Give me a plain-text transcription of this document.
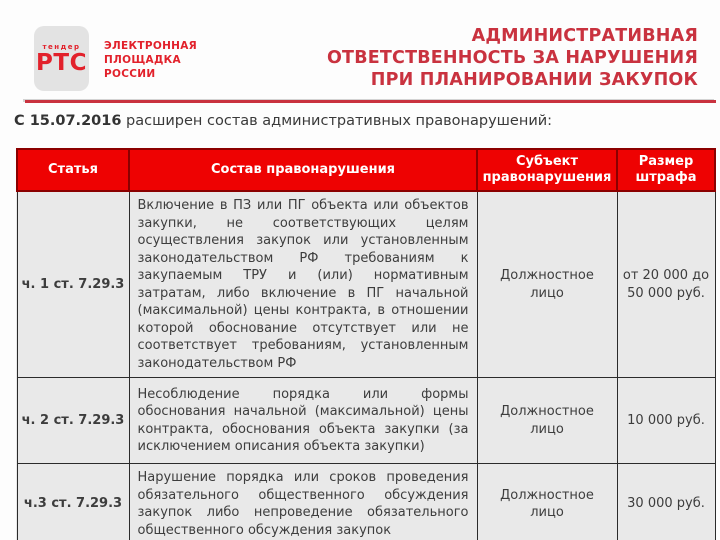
тендер
РТС
ЭЛЕКТРОННАЯ
ПЛОЩАДКА
РОССИИ
АДМИНИСТРАТИВНАЯ
ОТВЕТСТВЕННОСТЬ ЗА НАРУШЕНИЯ
ПРИ ПЛАНИРОВАНИИ ЗАКУПОК

С 15.07.2016 расширен состав административных правонарушений:

Статья	Состав правонарушения	Субъект правонарушения	Размер штрафа
ч. 1 ст. 7.29.3	Включение в ПЗ или ПГ объекта или объектов закупки, не соответствующих целям осуществления закупок или установленным законодательством РФ требованиям к закупаемым ТРУ и (или) нормативным затратам, либо включение в ПГ начальной (максимальной) цены контракта, в отношении которой обоснование отсутствует или не соответствует требованиям, установленным законодательством РФ	Должностное лицо	от 20 000 до 50 000 руб.
ч. 2 ст. 7.29.3	Несоблюдение порядка или формы обоснования начальной (максимальной) цены контракта, обоснования объекта закупки (за исключением описания объекта закупки)	Должностное лицо	10 000 руб.
ч.3 ст. 7.29.3	Нарушение порядка или сроков проведения обязательного общественного обсуждения закупок либо непроведение обязательного общественного обсуждения закупок	Должностное лицо	30 000 руб.
